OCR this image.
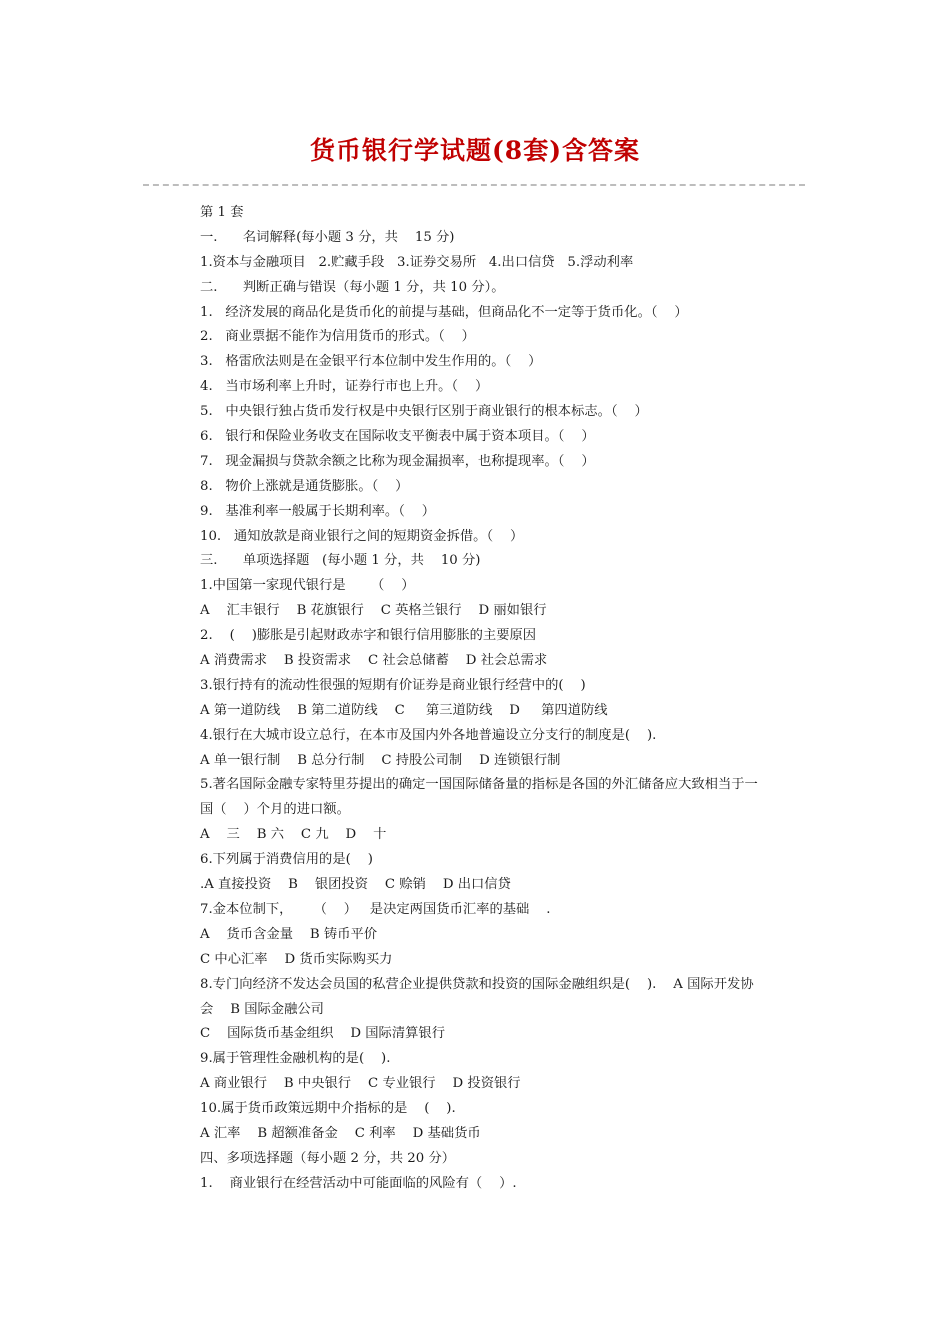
货币银行学试题(8套)含答案
第 1 套
一.      名词解释(每小题 3 分，共    15 分)
1.资本与金融项目   2.贮藏手段   3.证券交易所   4.出口信贷   5.浮动利率
二.      判断正确与错误（每小题 1 分，共 10 分）。
1.   经济发展的商品化是货币化的前提与基础，但商品化不一定等于货币化。（    ）
2.   商业票据不能作为信用货币的形式。（    ）
3.   格雷欣法则是在金银平行本位制中发生作用的。（    ）
4.   当市场利率上升时，证券行市也上升。（    ）
5.   中央银行独占货币发行权是中央银行区别于商业银行的根本标志。（    ）
6.   银行和保险业务收支在国际收支平衡表中属于资本项目。（    ）
7.   现金漏损与贷款余额之比称为现金漏损率，也称提现率。（    ）
8.   物价上涨就是通货膨胀。（    ）
9.   基准利率一般属于长期利率。（    ）
10.   通知放款是商业银行之间的短期资金拆借。（    ）
三.      单项选择题   (每小题 1 分，共    10 分)
1.中国第一家现代银行是      （    ）
A    汇丰银行    B 花旗银行    C 英格兰银行    D 丽如银行
2.    (    )膨胀是引起财政赤字和银行信用膨胀的主要原因
A 消费需求    B 投资需求    C 社会总储蓄    D 社会总需求
3.银行持有的流动性很强的短期有价证券是商业银行经营中的(    )
A 第一道防线    B 第二道防线    C     第三道防线    D     第四道防线
4.银行在大城市设立总行，在本市及国内外各地普遍设立分支行的制度是(    ).
A 单一银行制    B 总分行制    C 持股公司制    D 连锁银行制
5.著名国际金融专家特里芬提出的确定一国国际储备量的指标是各国的外汇储备应大致相当于一
国（    ）个月的进口额。
A    三    B 六    C 九    D    十
6.下列属于消费信用的是(    )
.A 直接投资    B    银团投资    C 赊销    D 出口信贷
7.金本位制下，     （    ）   是决定两国货币汇率的基础    .
A    货币含金量    B 铸币平价
C 中心汇率    D 货币实际购买力
8.专门向经济不发达会员国的私营企业提供贷款和投资的国际金融组织是(    ).    A 国际开发协
会    B 国际金融公司
C    国际货币基金组织    D 国际清算银行
9.属于管理性金融机构的是(    ).
A 商业银行    B 中央银行    C 专业银行    D 投资银行
10.属于货币政策远期中介指标的是    (    ).
A 汇率    B 超额准备金    C 利率    D 基础货币
四、多项选择题（每小题 2 分，共 20 分）
1.    商业银行在经营活动中可能面临的风险有（    ）.
